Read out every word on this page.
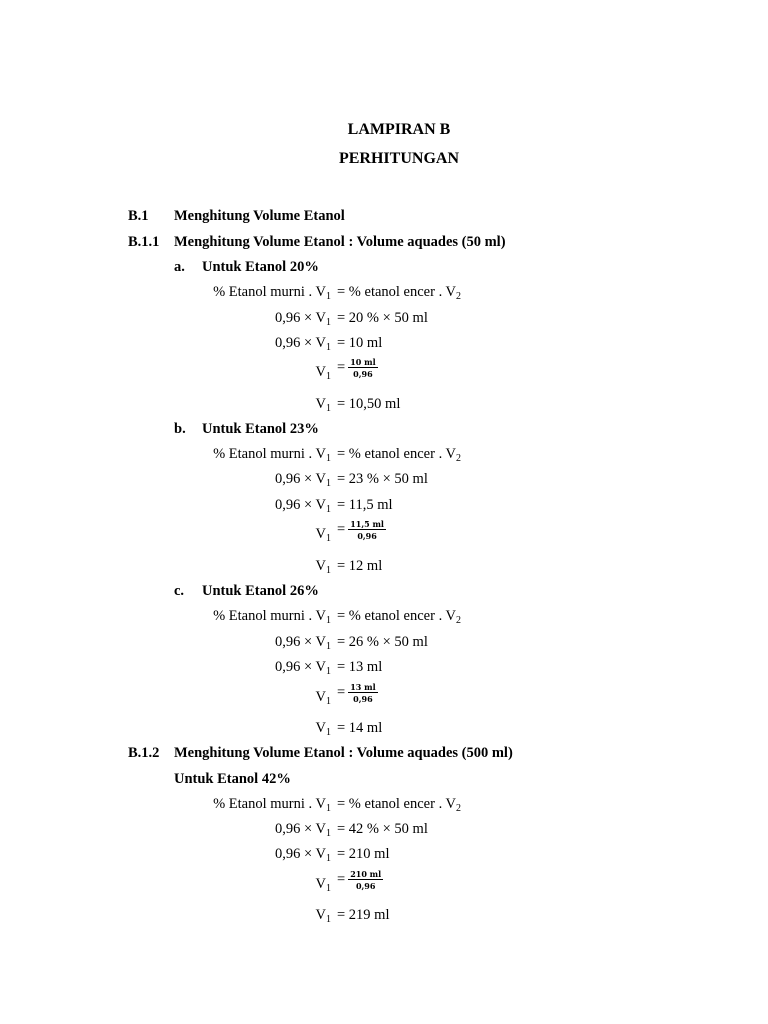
LAMPIRAN B
PERHITUNGAN
B.1 Menghitung Volume Etanol
B.1.1 Menghitung Volume Etanol : Volume aquades (50 ml)
a. Untuk Etanol 20%
% Etanol murni . $V_1$ = % etanol encer . $V_2$
$0,96 \times V_1 = 20$ % × 50 ml
$0,96 \times V_1 = 10$ ml
$V_1$
= $\frac{10 ml}{0,96}$
$V_1 = 10,50$ ml
b. Untuk Etanol 23%
% Etanol murni . $V_1$ = % etanol encer . $V_2$
$0,96 \times V_1 = 23$ % × 50 ml
$0,96 \times V_1 = 11,5$ ml
$V_1$
= $\frac{11,5 ml}{0,96}$
$V_1 = 12$ ml
c. Untuk Etanol 26%
% Etanol murni . $V_1$ = % etanol encer . $V_2$
$0,96 \times V_1 = 26$ % × 50 ml
$0,96 \times V_1 = 13$ ml
$V_1$
= $\frac{13 ml}{0,96}$
$V_1 = 14$ ml
B.1.2 Menghitung Volume Etanol : Volume aquades (500 ml)
Untuk Etanol 42%
% Etanol murni . $V_1$ = % etanol encer . $V_2$
$0,96 \times V_1 = 42$ % × 50 ml
$0,96 \times V_1 = 210$ ml
$V_1$
= $\frac{210 ml}{0,96}$
$V_1 = 219$ ml
